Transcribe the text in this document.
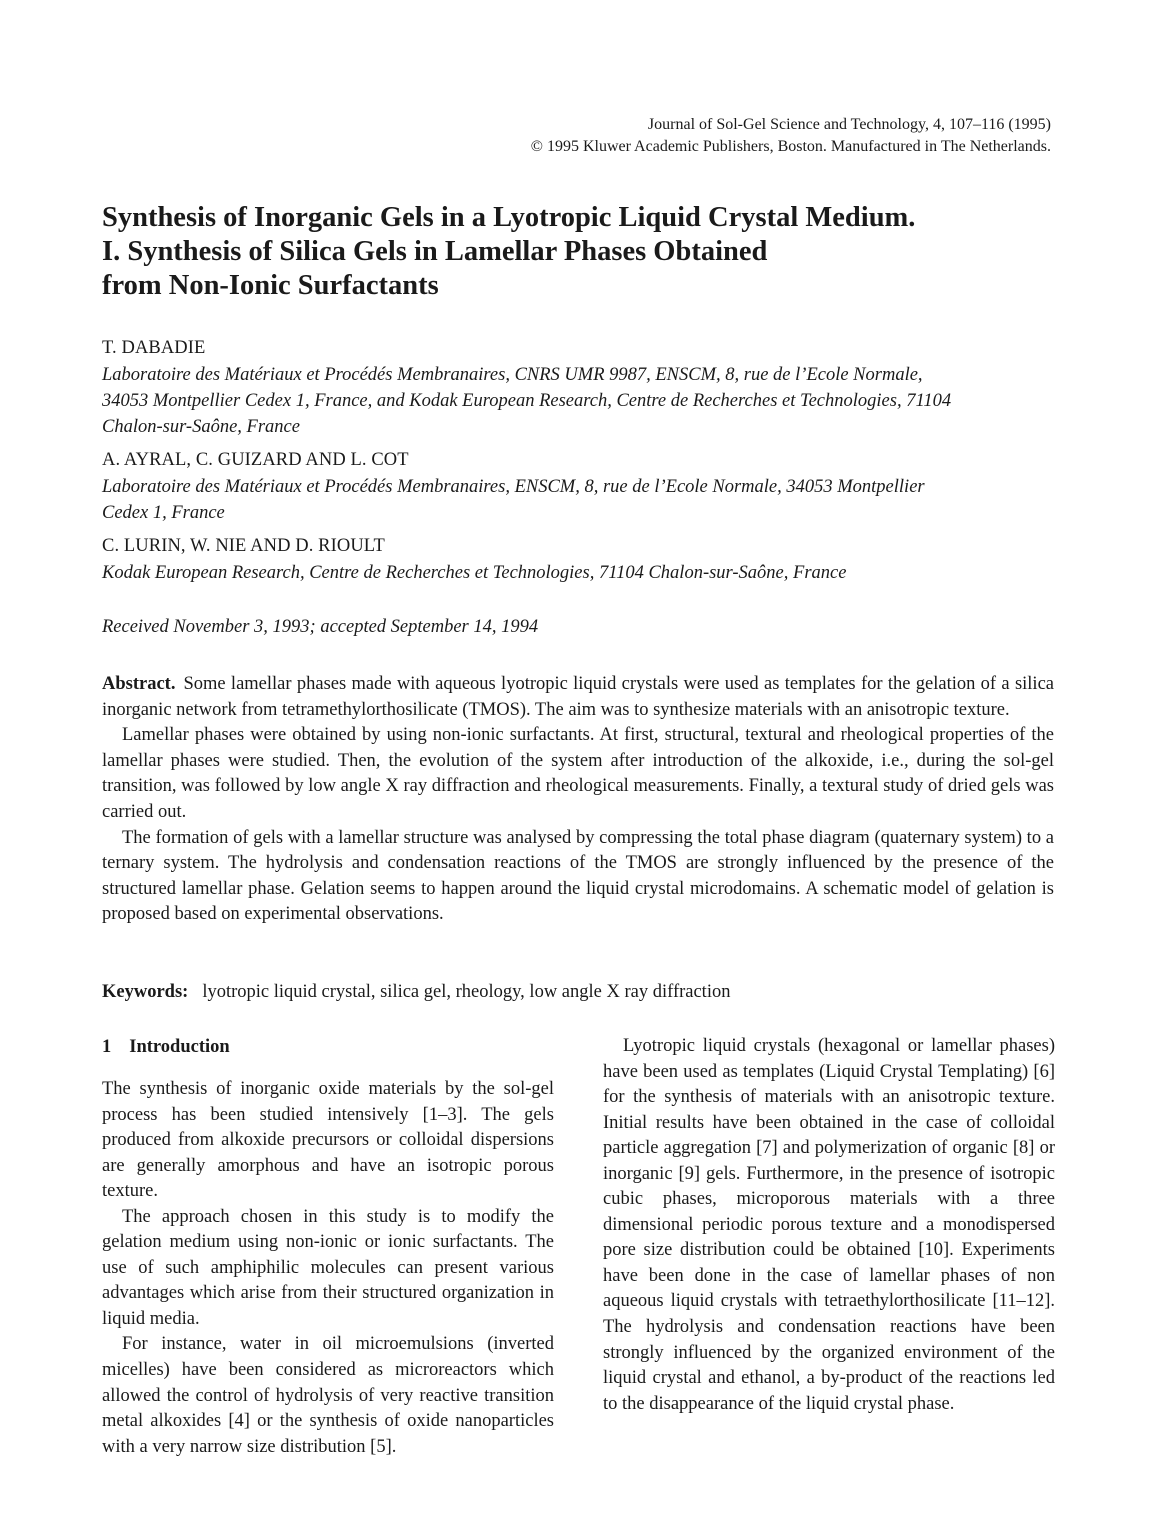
Journal of Sol-Gel Science and Technology, 4, 107–116 (1995)
© 1995 Kluwer Academic Publishers, Boston. Manufactured in The Netherlands.
Synthesis of Inorganic Gels in a Lyotropic Liquid Crystal Medium.
I. Synthesis of Silica Gels in Lamellar Phases Obtained
from Non-Ionic Surfactants
T. DABADIE
Laboratoire des Matériaux et Procédés Membranaires, CNRS UMR 9987, ENSCM, 8, rue de l’Ecole Normale,
34053 Montpellier Cedex 1, France, and Kodak European Research, Centre de Recherches et Technologies, 71104
Chalon-sur-Saône, France
A. AYRAL, C. GUIZARD AND L. COT
Laboratoire des Matériaux et Procédés Membranaires, ENSCM, 8, rue de l’Ecole Normale, 34053 Montpellier
Cedex 1, France
C. LURIN, W. NIE AND D. RIOULT
Kodak European Research, Centre de Recherches et Technologies, 71104 Chalon-sur-Saône, France
Received November 3, 1993; accepted September 14, 1994

Abstract. Some lamellar phases made with aqueous lyotropic liquid crystals were used as templates for the gelation of a silica inorganic network from tetramethylorthosilicate (TMOS). The aim was to synthesize materials with an anisotropic texture.

Lamellar phases were obtained by using non-ionic surfactants. At first, structural, textural and rheological properties of the lamellar phases were studied. Then, the evolution of the system after introduction of the alkoxide, i.e., during the sol-gel transition, was followed by low angle X ray diffraction and rheological measurements. Finally, a textural study of dried gels was carried out.

The formation of gels with a lamellar structure was analysed by compressing the total phase diagram (quaternary system) to a ternary system. The hydrolysis and condensation reactions of the TMOS are strongly influenced by the presence of the structured lamellar phase. Gelation seems to happen around the liquid crystal microdomains. A schematic model of gelation is proposed based on experimental observations.

Keywords: lyotropic liquid crystal, silica gel, rheology, low angle X ray diffraction
1 Introduction

The synthesis of inorganic oxide materials by the sol-gel process has been studied intensively [1–3]. The gels produced from alkoxide precursors or colloidal dispersions are generally amorphous and have an isotropic porous texture.

The approach chosen in this study is to modify the gelation medium using non-ionic or ionic surfactants. The use of such amphiphilic molecules can present various advantages which arise from their structured organization in liquid media.

For instance, water in oil microemulsions (inverted micelles) have been considered as microreactors which allowed the control of hydrolysis of very reactive transition metal alkoxides [4] or the synthesis of oxide nanoparticles with a very narrow size distribution [5].

Lyotropic liquid crystals (hexagonal or lamellar phases) have been used as templates (Liquid Crystal Templating) [6] for the synthesis of materials with an anisotropic texture. Initial results have been obtained in the case of colloidal particle aggregation [7] and polymerization of organic [8] or inorganic [9] gels. Furthermore, in the presence of isotropic cubic phases, microporous materials with a three dimensional periodic porous texture and a monodispersed pore size distribution could be obtained [10]. Experiments have been done in the case of lamellar phases of non aqueous liquid crystals with tetraethylorthosilicate [11–12]. The hydrolysis and condensation reactions have been strongly influenced by the organized environment of the liquid crystal and ethanol, a by-product of the reactions led to the disappearance of the liquid crystal phase.
